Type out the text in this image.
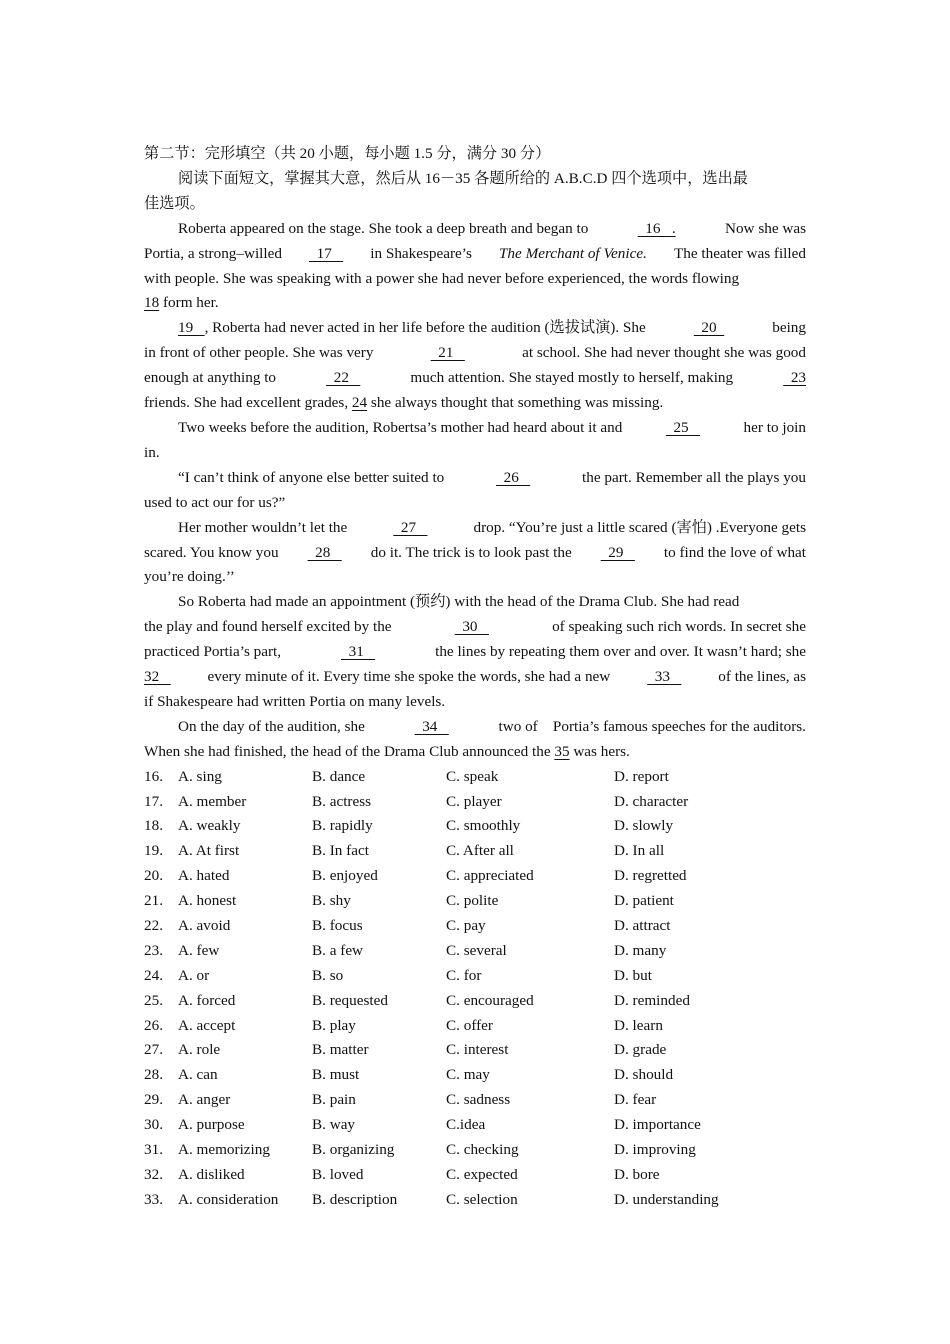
第二节：完形填空（共 20 小题，每小题 1.5 分，满分 30 分）
阅读下面短文，掌握其大意，然后从 16－35 各题所给的 A.B.C.D 四个选项中，选出最
佳选项。
Roberta appeared on the stage. She took a deep breath and began to	16   .	Now she was
Portia, a strong–willed 17 in Shakespeare’s The Merchant of Venice. The theater was filled
with people. She was speaking with a power she had never before experienced, the words flowing
18 form her.
19   , Roberta had never acted in her life before the audition (选拔试演). She	20	being
in front of other people. She was very	21	at school. She had never thought she was good
enough at anything to	22	much attention. She stayed mostly to herself, making	23
friends. She had excellent grades, 24 she always thought that something was missing.
Two weeks before the audition, Robertsa’s mother had heard about it and	25	her to join
in.
“I can’t think of anyone else better suited to	26	the part. Remember all the plays you
used to act our for us?”
Her mother wouldn’t let the	27	drop. “You’re just a little scared (害怕) .Everyone gets
scared. You know you 28 do it. The trick is to look past the 29 to find the love of what
you’re doing.’’
So Roberta had made an appointment (预约) with the head of the Drama Club. She had read
the play and found herself excited by the	30	of speaking such rich words. In secret she
practiced Portia’s part,	31	the lines by repeating them over and over. It wasn’t hard; she
32 every minute of it. Every time she spoke the words, she had a new 33 of the lines, as
if Shakespeare had written Portia on many levels.
On the day of the audition, she	34	two of    Portia’s famous speeches for the auditors.
When she had finished, the head of the Drama Club announced the 35 was hers.
16. A. sing	B. dance	C. speak	D. report
17. A. member	B. actress	C. player	D. character
18. A. weakly	B. rapidly	C. smoothly	D. slowly
19. A. At first	B. In fact	C. After all	D. In all
20. A. hated	B. enjoyed	C. appreciated	D. regretted
21. A. honest	B. shy	C. polite	D. patient
22. A. avoid	B. focus	C. pay	D. attract
23. A. few	B. a few	C. several	D. many
24. A. or	B. so	C. for	D. but
25. A. forced	B. requested	C. encouraged	D. reminded
26. A. accept	B. play	C. offer	D. learn
27. A. role	B. matter	C. interest	D. grade
28. A. can	B. must	C. may	D. should
29. A. anger	B. pain	C. sadness	D. fear
30. A. purpose	B. way	C.idea	D. importance
31. A. memorizing	B. organizing	C. checking	D. improving
32. A. disliked	B. loved	C. expected	D. bore
33. A. consideration	B. description	C. selection	D. understanding
